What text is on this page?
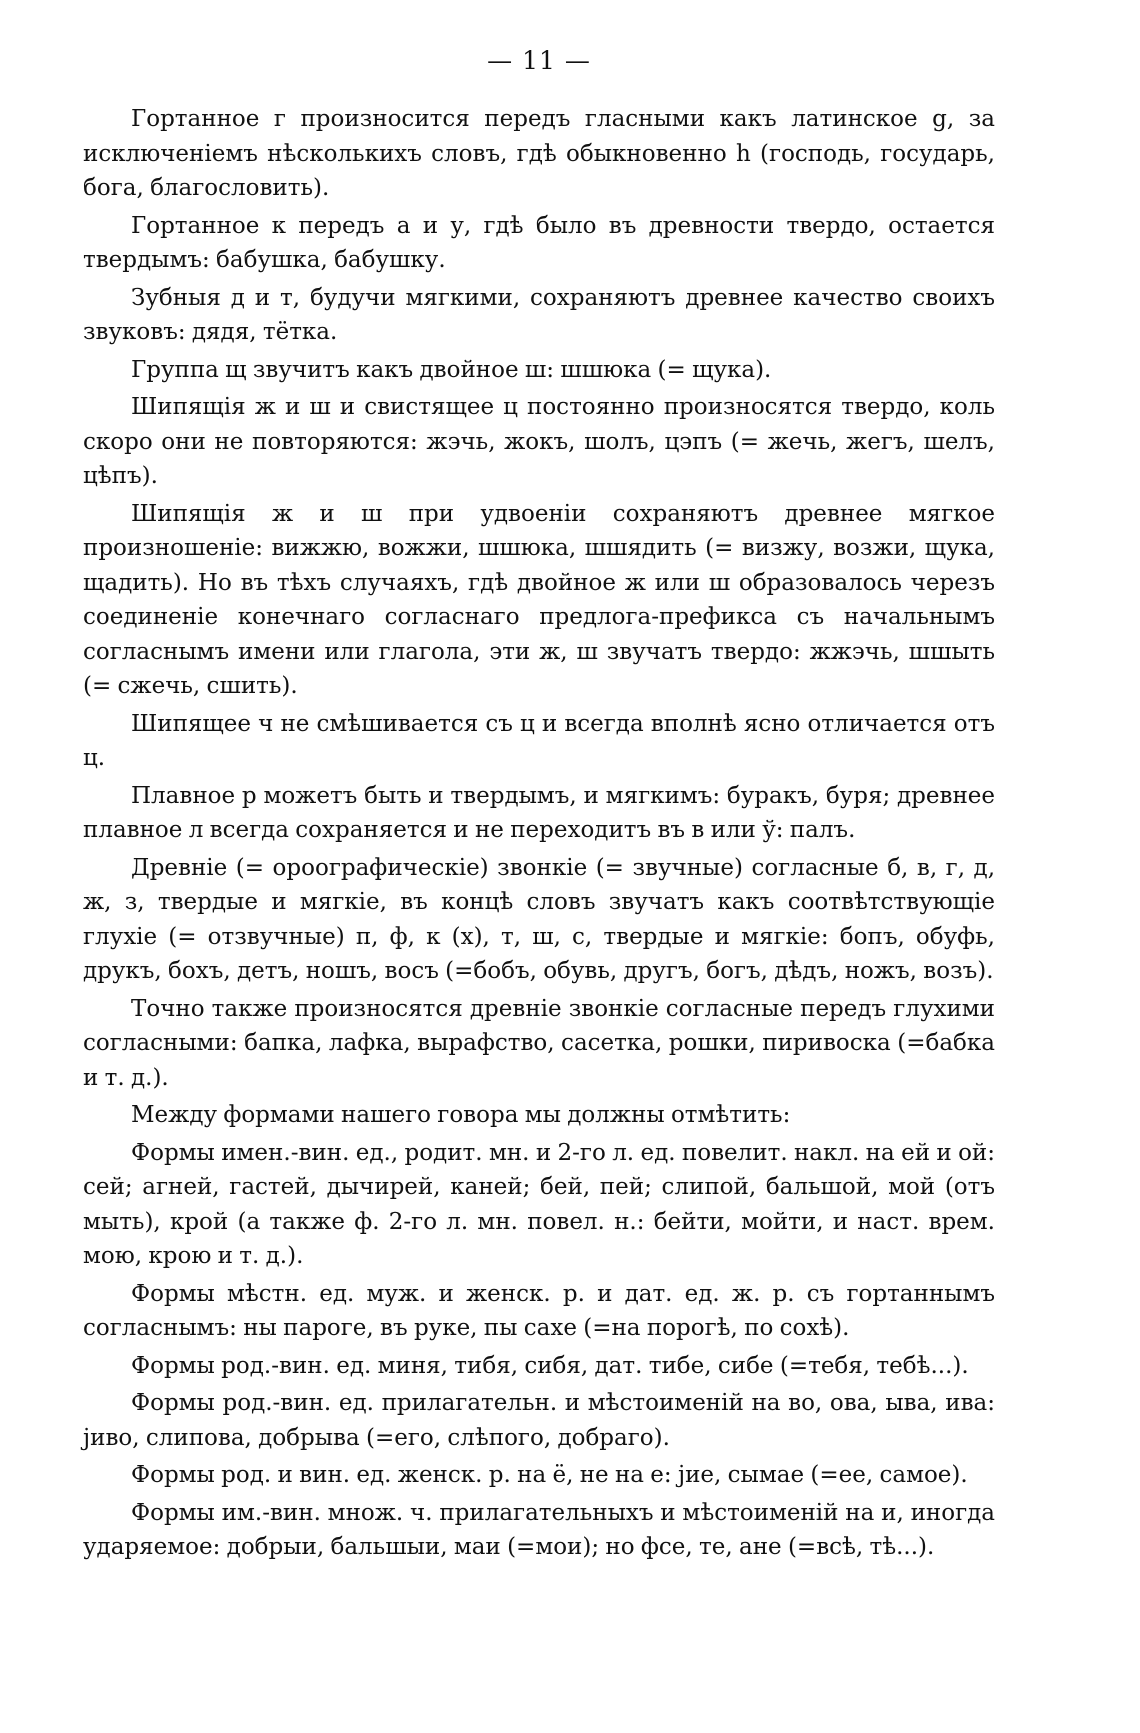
— 11 —

Гортанное г произносится передъ гласными какъ латинское g, за исключеніемъ нѣсколькихъ словъ, гдѣ обыкновенно h (господь, государь, бога, благословить).

Гортанное к передъ а и у, гдѣ было въ древности твердо, остается твердымъ: бабушка, бабушку.

Зубныя д и т, будучи мягкими, сохраняютъ древнее качество своихъ звуковъ: дядя, тётка.

Группа щ звучитъ какъ двойное ш: шшюка (= щука).

Шипящія ж и ш и свистящее ц постоянно произносятся твердо, коль скоро они не повторяются: жэчь, жокъ, шолъ, цэпъ (= жечь, жегъ, шелъ, цѣпъ).

Шипящія ж и ш при удвоеніи сохраняютъ древнее мягкое произношеніе: вижжю, вожжи, шшюка, шшядить (= визжу, возжи, щука, щадить). Но въ тѣхъ случаяхъ, гдѣ двойное ж или ш образовалось черезъ соединеніе конечнаго согласнаго предлога-префикса съ начальнымъ согласнымъ имени или глагола, эти ж, ш звучатъ твердо: жжэчь, шшыть (= сжечь, сшить).

Шипящее ч не смѣшивается съ ц и всегда вполнѣ ясно отличается отъ ц.

Плавное р можетъ быть и твердымъ, и мягкимъ: буракъ, буря; древнее плавное л всегда сохраняется и не переходитъ въ в или ў: палъ.

Древніе (= ороографическіе) звонкіе (= звучные) согласные б, в, г, д, ж, з, твердые и мягкіе, въ концѣ словъ звучатъ какъ соотвѣтствующіе глухіе (= отзвучные) п, ф, к (х), т, ш, с, твердые и мягкіе: бопъ, обуфь, друкъ, бохъ, детъ, ношъ, восъ (=бобъ, обувь, другъ, богъ, дѣдъ, ножъ, возъ).

Точно также произносятся древніе звонкіе согласные передъ глухими согласными: бапка, лафка, вырафство, сасетка, рошки, пиривоска (=бабка и т. д.).

Между формами нашего говора мы должны отмѣтить:

Формы имен.-вин. ед., родит. мн. и 2-го л. ед. повелит. накл. на ей и ой: сей; агней, гастей, дычирей, каней; бей, пей; слипой, бальшой, мой (отъ мыть), крой (а также ф. 2-го л. мн. повел. н.: бейти, мойти, и наст. врем. мою, крою и т. д.).

Формы мѣстн. ед. муж. и женск. р. и дат. ед. ж. р. съ гортаннымъ согласнымъ: ны пароге, въ руке, пы сахе (=на порогѣ, по сохѣ).

Формы род.-вин. ед. миня, тибя, сибя, дат. тибе, сибе (=тебя, тебѣ...).

Формы род.-вин. ед. прилагательн. и мѣстоименій на во, ова, ыва, ива: јиво, слипова, добрыва (=его, слѣпого, добраго).

Формы род. и вин. ед. женск. р. на ё, не на е: јие, сымае (=ее, самое).

Формы им.-вин. множ. ч. прилагательныхъ и мѣстоименій на и, иногда ударяемое: добрыи, бальшыи, маи (=мои); но фсе, те, ане (=всѣ, тѣ...).
